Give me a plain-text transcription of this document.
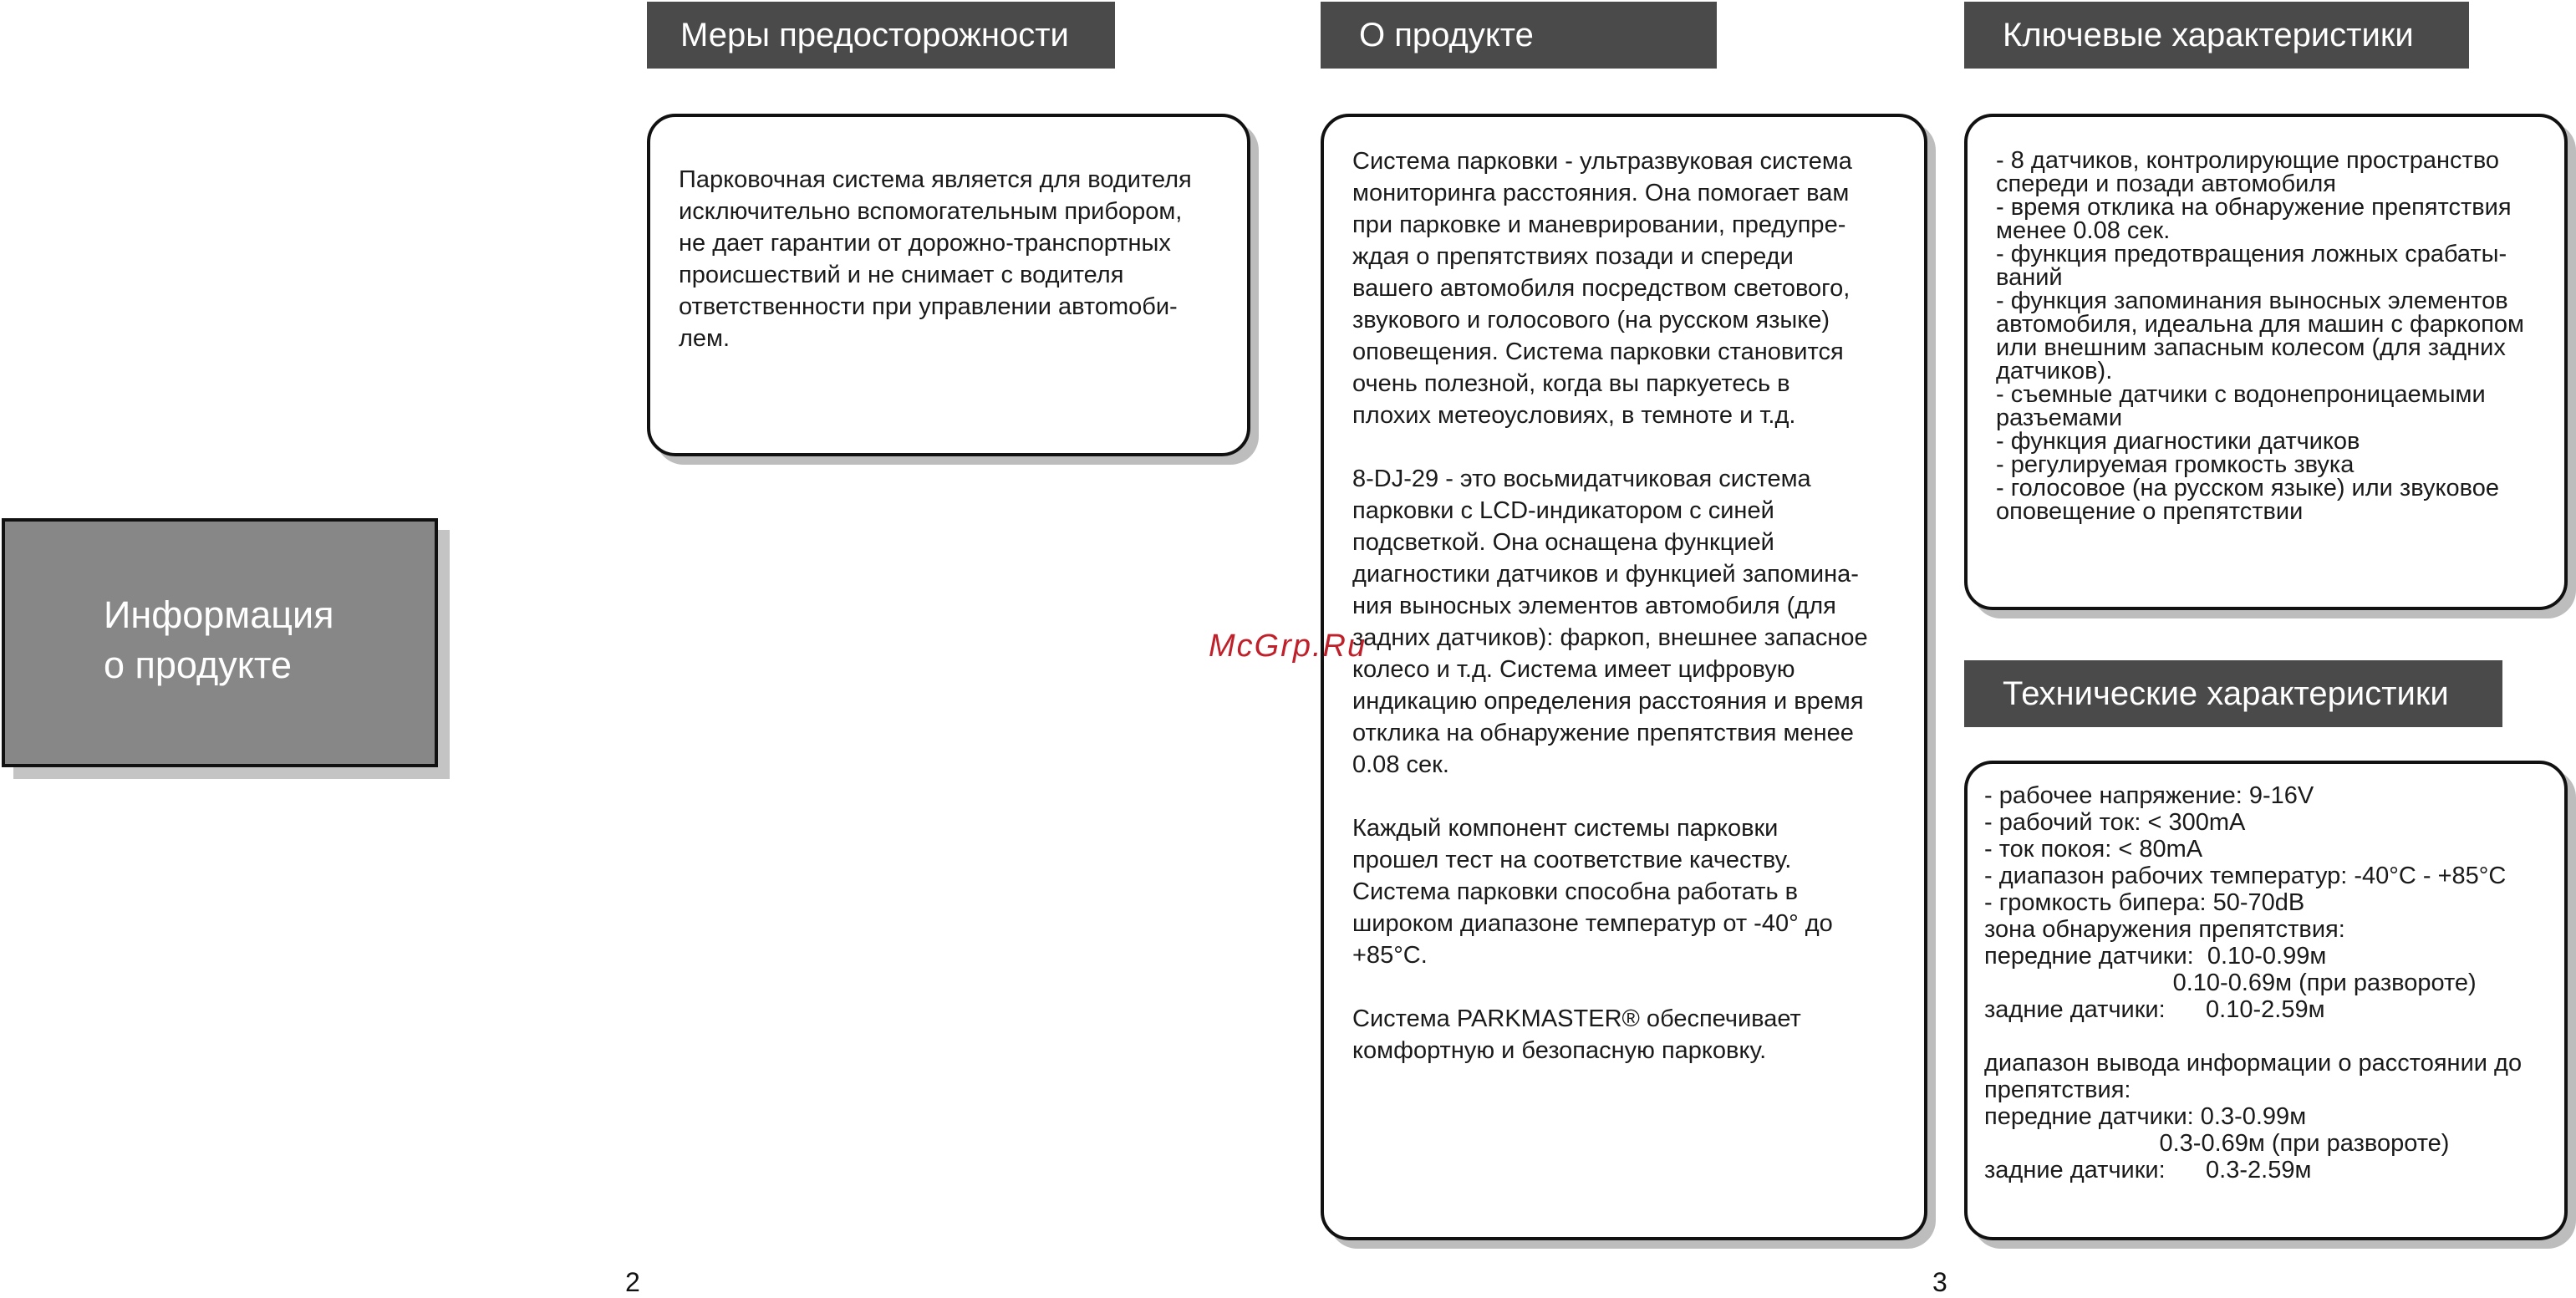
Информация
о продукте

Меры предосторожности

Парковочная система является для водителя
исключительно вспомогательным прибором,
не дает гарантии от дорожно-транспортных
происшествий и не снимает с водителя
ответственности при управлении автоmоби-
лем.

О продукте

Система парковки - ультразвуковая система
мониторинга расстояния. Она помогает вам
при парковке и маневрировании, предупре-
ждая о препятствиях позади и спереди
вашего автомобиля посредством светового,
звукового и голосового (на русском языке)
оповещения. Система парковки становится
очень полезной, когда вы паркуетесь в
плохих метеоусловиях, в темноте и т.д.

8-DJ-29 - это восьмидатчиковая система
парковки с LCD-индикатором с синей
подсветкой. Она оснащена функцией
диагностики датчиков и функцией запомина-
ния выносных элементов автомобиля (для
задних датчиков): фаркоп, внешнее запасное
колесо и т.д. Система имеет цифровую
индикацию определения расстояния и время
отклика на обнаружение препятствия менее
0.08 сек.

Каждый компонент системы парковки
прошел тест на соответствие качеству.
Система парковки способна работать в
широком диапазоне температур от -40° до
+85°С.

Система PARKMASTER® обеспечивает
комфортную и безопасную парковку.

Ключевые характеристики

- 8 датчиков, контролирующие пространство
спереди и позади автомобиля
- время отклика на обнаружение препятствия
менее 0.08 сек.
- функция предотвращения ложных срабаты-
ваний
- функция запоминания выносных элементов
автомобиля, идеальна для машин с фаркопом
или внешним запасным колесом (для задних
датчиков).
- съемные датчики с водонепроницаемыми
разъемами
- функция диагностики датчиков
- регулируемая громкость звука
- голосовое (на русском языке) или звуковое
оповещение о препятствии

Технические характеристики

- рабочее напряжение: 9-16V
- рабочий ток: < 300mA
- ток покоя: < 80mA
- диапазон рабочих температур: -40°C - +85°C
- громкость бипера: 50-70dB
зона обнаружения препятствия:
передние датчики:  0.10-0.99м
0.10-0.69м (при развороте)
задние датчики:      0.10-2.59м

диапазон вывода информации о расстоянии до
препятствия:
передние датчики: 0.3-0.99м
0.3-0.69м (при развороте)
задние датчики:      0.3-2.59м

McGrp.Ru
2	3
